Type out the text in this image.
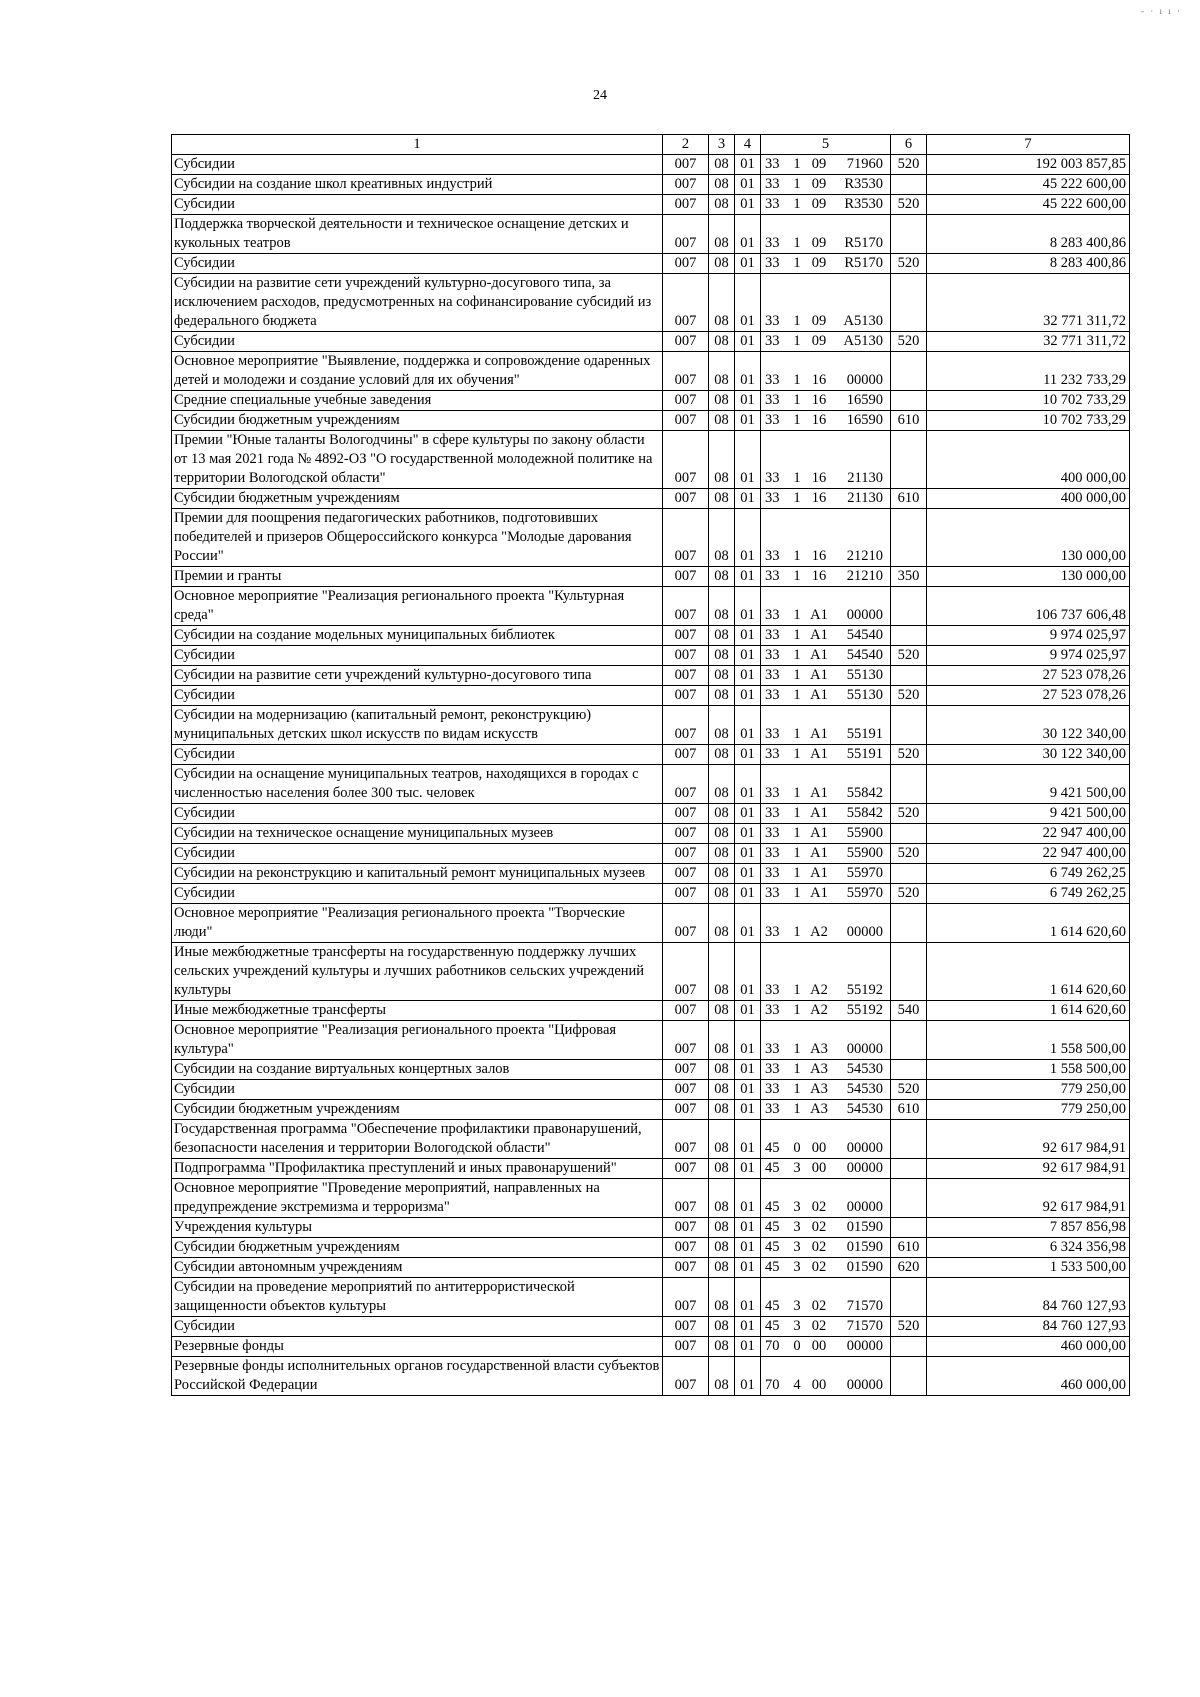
- · ı ı ·
24
1	2	3	4	5	6	7
Субсидии	007	08	01	33 1 09 71960	520	192 003 857,85
Субсидии на создание школ креативных индустрий	007	08	01	33 1 09 R3530		45 222 600,00
Субсидии	007	08	01	33 1 09 R3530	520	45 222 600,00
Поддержка творческой деятельности и техническое оснащение детских и кукольных театров	007	08	01	33 1 09 R5170		8 283 400,86
Субсидии	007	08	01	33 1 09 R5170	520	8 283 400,86
Субсидии на развитие сети учреждений культурно-досугового типа, за исключением расходов, предусмотренных на софинансирование субсидий из федерального бюджета	007	08	01	33 1 09 А5130		32 771 311,72
Субсидии	007	08	01	33 1 09 А5130	520	32 771 311,72
Основное мероприятие "Выявление, поддержка и сопровождение одаренных детей и молодежи и создание условий для их обучения"	007	08	01	33 1 16 00000		11 232 733,29
Средние специальные учебные заведения	007	08	01	33 1 16 16590		10 702 733,29
Субсидии бюджетным учреждениям	007	08	01	33 1 16 16590	610	10 702 733,29
Премии "Юные таланты Вологодчины" в сфере культуры по закону области от 13 мая 2021 года № 4892-ОЗ "О государственной молодежной политике на территории Вологодской области"	007	08	01	33 1 16 21130		400 000,00
Субсидии бюджетным учреждениям	007	08	01	33 1 16 21130	610	400 000,00
Премии для поощрения педагогических работников, подготовивших победителей и призеров Общероссийского конкурса "Молодые дарования России"	007	08	01	33 1 16 21210		130 000,00
Премии и гранты	007	08	01	33 1 16 21210	350	130 000,00
Основное мероприятие "Реализация регионального проекта "Культурная среда"	007	08	01	33 1 А1 00000		106 737 606,48
Субсидии на создание модельных муниципальных библиотек	007	08	01	33 1 А1 54540		9 974 025,97
Субсидии	007	08	01	33 1 А1 54540	520	9 974 025,97
Субсидии на развитие сети учреждений культурно-досугового типа	007	08	01	33 1 А1 55130		27 523 078,26
Субсидии	007	08	01	33 1 А1 55130	520	27 523 078,26
Субсидии на модернизацию (капитальный ремонт, реконструкцию) муниципальных детских школ искусств по видам искусств	007	08	01	33 1 А1 55191		30 122 340,00
Субсидии	007	08	01	33 1 А1 55191	520	30 122 340,00
Субсидии на оснащение муниципальных театров, находящихся в городах с численностью населения более 300 тыс. человек	007	08	01	33 1 А1 55842		9 421 500,00
Субсидии	007	08	01	33 1 А1 55842	520	9 421 500,00
Субсидии на техническое оснащение муниципальных музеев	007	08	01	33 1 А1 55900		22 947 400,00
Субсидии	007	08	01	33 1 А1 55900	520	22 947 400,00
Субсидии на реконструкцию и капитальный ремонт муниципальных музеев	007	08	01	33 1 А1 55970		6 749 262,25
Субсидии	007	08	01	33 1 А1 55970	520	6 749 262,25
Основное мероприятие "Реализация регионального проекта "Творческие люди"	007	08	01	33 1 А2 00000		1 614 620,60
Иные межбюджетные трансферты на государственную поддержку лучших сельских учреждений культуры и лучших работников сельских учреждений культуры	007	08	01	33 1 А2 55192		1 614 620,60
Иные межбюджетные трансферты	007	08	01	33 1 А2 55192	540	1 614 620,60
Основное мероприятие "Реализация регионального проекта "Цифровая культура"	007	08	01	33 1 А3 00000		1 558 500,00
Субсидии на создание виртуальных концертных залов	007	08	01	33 1 А3 54530		1 558 500,00
Субсидии	007	08	01	33 1 А3 54530	520	779 250,00
Субсидии бюджетным учреждениям	007	08	01	33 1 А3 54530	610	779 250,00
Государственная программа "Обеспечение профилактики правонарушений, безопасности населения и территории Вологодской области"	007	08	01	45 0 00 00000		92 617 984,91
Подпрограмма "Профилактика преступлений и иных правонарушений"	007	08	01	45 3 00 00000		92 617 984,91
Основное мероприятие "Проведение мероприятий, направленных на предупреждение экстремизма и терроризма"	007	08	01	45 3 02 00000		92 617 984,91
Учреждения культуры	007	08	01	45 3 02 01590		7 857 856,98
Субсидии бюджетным учреждениям	007	08	01	45 3 02 01590	610	6 324 356,98
Субсидии автономным учреждениям	007	08	01	45 3 02 01590	620	1 533 500,00
Субсидии на проведение мероприятий по антитеррористической защищенности объектов культуры	007	08	01	45 3 02 71570		84 760 127,93
Субсидии	007	08	01	45 3 02 71570	520	84 760 127,93
Резервные фонды	007	08	01	70 0 00 00000		460 000,00
Резервные фонды исполнительных органов государственной власти субъектов Российской Федерации	007	08	01	70 4 00 00000		460 000,00
